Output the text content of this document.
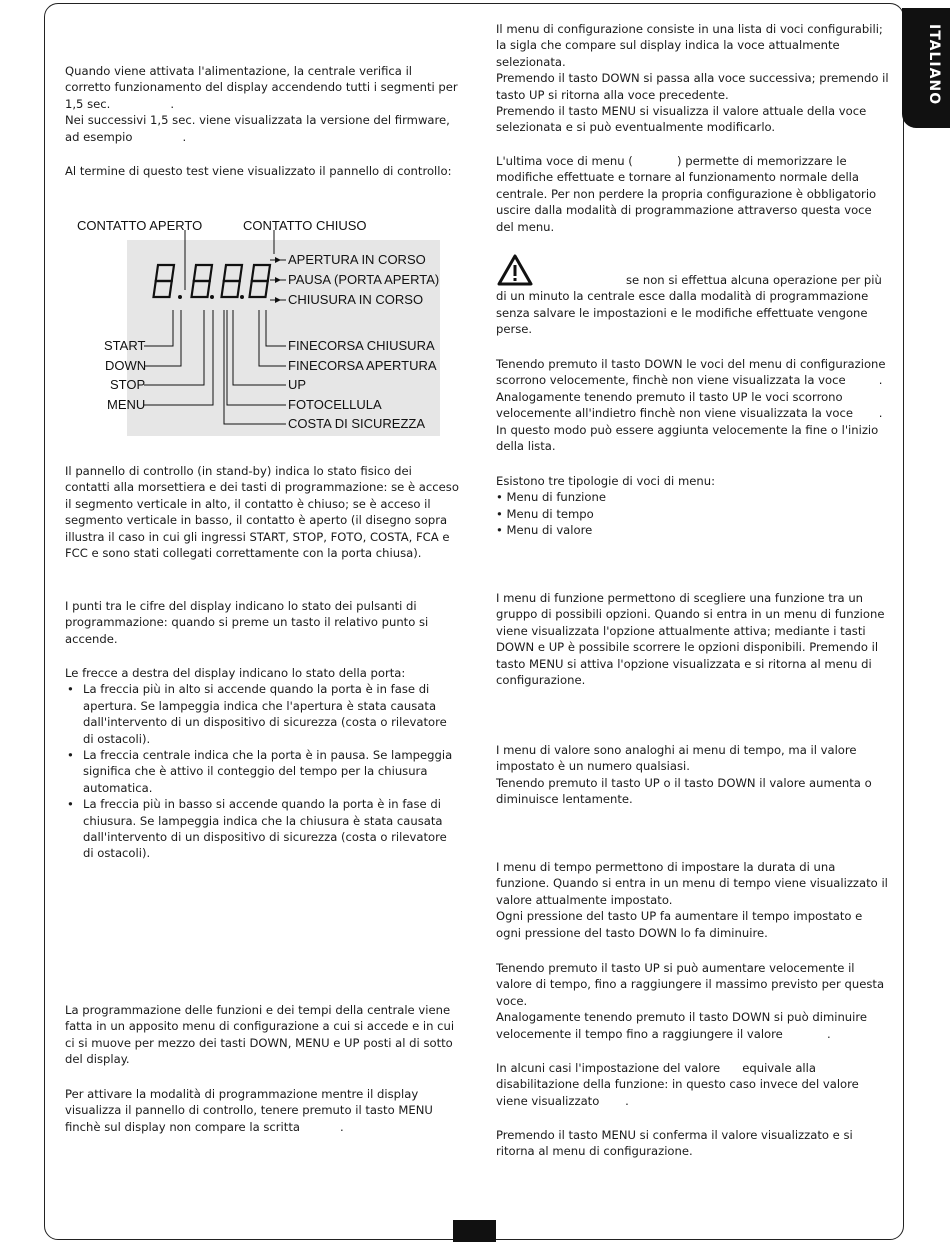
ITALIANO

Quando viene attivata l'alimentazione, la centrale verifica il corretto funzionamento del display accendendo tutti i segmenti per 1,5 sec.	.

Nei successivi 1,5 sec. viene visualizzata la versione del firmware, ad esempio	.

Al termine di questo test viene visualizzato il pannello di controllo:

CONTATTO APERTO	CONTATTO CHIUSO
APERTURA IN CORSO
PAUSA (PORTA APERTA)
CHIUSURA IN CORSO
START
DOWN
STOP
MENU
FINECORSA CHIUSURA
FINECORSA APERTURA
UP
FOTOCELLULA
COSTA DI SICUREZZA

Il pannello di controllo (in stand-by) indica lo stato fisico dei contatti alla morsettiera e dei tasti di programmazione: se è acceso il segmento verticale in alto, il contatto è chiuso; se è acceso il segmento verticale in basso, il contatto è aperto (il disegno sopra illustra il caso in cui gli ingressi START, STOP, FOTO, COSTA, FCA e FCC e sono stati collegati correttamente con la porta chiusa).

I punti tra le cifre del display indicano lo stato dei pulsanti di programmazione: quando si preme un tasto il relativo punto si accende.

Le frecce a destra del display indicano lo stato della porta:

• La freccia più in alto si accende quando la porta è in fase di apertura. Se lampeggia indica che l'apertura è stata causata dall'intervento di un dispositivo di sicurezza (costa o rilevatore di ostacoli).
• La freccia centrale indica che la porta è in pausa. Se lampeggia significa che è attivo il conteggio del tempo per la chiusura automatica.
• La freccia più in basso si accende quando la porta è in fase di chiusura. Se lampeggia indica che la chiusura è stata causata dall'intervento di un dispositivo di sicurezza (costa o rilevatore di ostacoli).

La programmazione delle funzioni e dei tempi della centrale viene fatta in un apposito menu di configurazione a cui si accede e in cui ci si muove per mezzo dei tasti DOWN, MENU e UP posti al di sotto del display.

Per attivare la modalità di programmazione mentre il display visualizza il pannello di controllo, tenere premuto il tasto MENU finchè sul display non compare la scritta	.

Il menu di configurazione consiste in una lista di voci configurabili; la sigla che compare sul display indica la voce attualmente selezionata.

Premendo il tasto DOWN si passa alla voce successiva; premendo il tasto UP si ritorna alla voce precedente.

Premendo il tasto MENU si visualizza il valore attuale della voce selezionata e si può eventualmente modificarlo.

L'ultima voce di menu (            ) permette di memorizzare le modifiche effettuate e tornare al funzionamento normale della centrale. Per non perdere la propria configurazione è obbligatorio uscire dalla modalità di programmazione attraverso questa voce del menu.

se non si effettua alcuna operazione per più di un minuto la centrale esce dalla modalità di programmazione senza salvare le impostazioni e le modifiche effettuate vengone perse.

Tenendo premuto il tasto DOWN le voci del menu di configurazione scorrono velocemente, finchè non viene visualizzata la voce         . Analogamente tenendo premuto il tasto UP le voci scorrono velocemente all'indietro finchè non viene visualizzata la voce       . In questo modo può essere aggiunta velocemente la fine o l'inizio della lista.

Esistono tre tipologie di voci di menu:

• Menu di funzione
• Menu di tempo
• Menu di valore

I menu di funzione permettono di scegliere una funzione tra un gruppo di possibili opzioni. Quando si entra in un menu di funzione viene visualizzata l'opzione attualmente attiva; mediante i tasti DOWN e UP è possibile scorrere le opzioni disponibili. Premendo il tasto MENU si attiva l'opzione visualizzata e si ritorna al menu di configurazione.

I menu di valore sono analoghi ai menu di tempo, ma il valore impostato è un numero qualsiasi.

Tenendo premuto il tasto UP o il tasto DOWN il valore aumenta o diminuisce lentamente.

I menu di tempo permettono di impostare la durata di una funzione. Quando si entra in un menu di tempo viene visualizzato il valore attualmente impostato.

Ogni pressione del tasto UP fa aumentare il tempo impostato e ogni pressione del tasto DOWN lo fa diminuire.

Tenendo premuto il tasto UP si può aumentare velocemente il valore di tempo, fino a raggiungere il massimo previsto per questa voce.

Analogamente tenendo premuto il tasto DOWN si può diminuire velocemente il tempo fino a raggiungere il valore            .

In alcuni casi l'impostazione del valore      equivale alla disabilitazione della funzione: in questo caso invece del valore               viene visualizzato       .

Premendo il tasto MENU si conferma il valore visualizzato e si ritorna al menu di configurazione.
